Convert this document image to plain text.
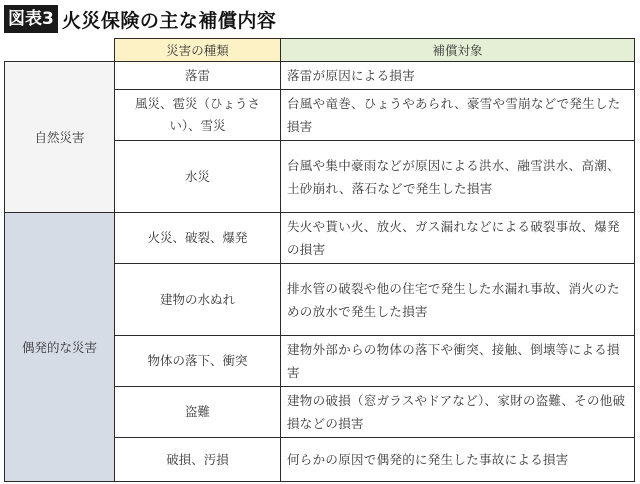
図表3 火災保険の主な補償内容
	災害の種類	補償対象
自然災害	落雷	落雷が原因による損害
	風災、雹災（ひょうさい）、雪災	台風や竜巻、ひょうやあられ、豪雪や雪崩などで発生した損害
	水災	台風や集中豪雨などが原因による洪水、融雪洪水、高潮、土砂崩れ、落石などで発生した損害
偶発的な災害	火災、破裂、爆発	失火や貰い火、放火、ガス漏れなどによる破裂事故、爆発の損害
	建物の水ぬれ	排水管の破裂や他の住宅で発生した水漏れ事故、消火のための放水で発生した損害
	物体の落下、衝突	建物外部からの物体の落下や衝突、接触、倒壊等による損害
	盗難	建物の破損（窓ガラスやドアなど）、家財の盗難、その他破損などの損害
	破損、汚損	何らかの原因で偶発的に発生した事故による損害
